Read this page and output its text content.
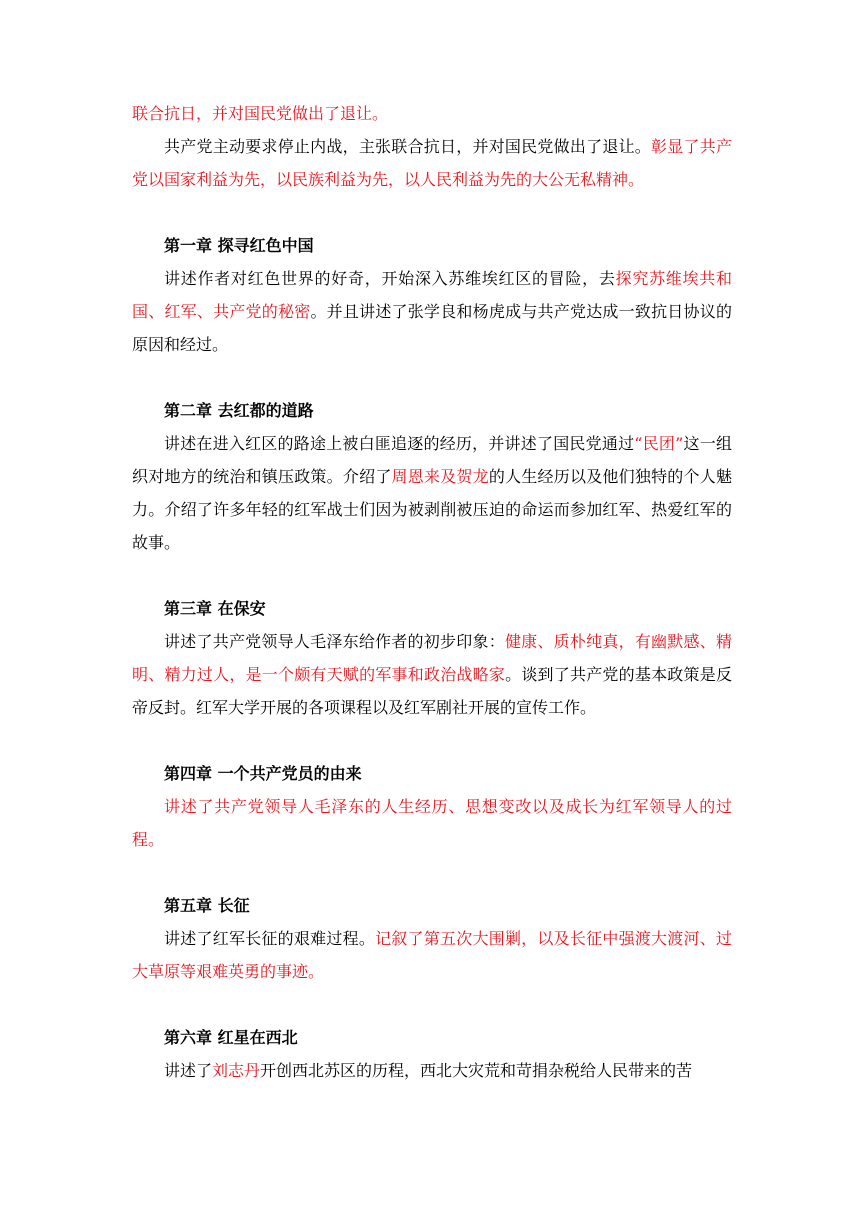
联合抗日，并对国民党做出了退让。

共产党主动要求停止内战，主张联合抗日，并对国民党做出了退让。彰显了共产党以国家利益为先，以民族利益为先，以人民利益为先的大公无私精神。

第一章 探寻红色中国

讲述作者对红色世界的好奇，开始深入苏维埃红区的冒险，去探究苏维埃共和国、红军、共产党的秘密。并且讲述了张学良和杨虎成与共产党达成一致抗日协议的原因和经过。

第二章 去红都的道路

讲述在进入红区的路途上被白匪追逐的经历，并讲述了国民党通过“民团”这一组织对地方的统治和镇压政策。介绍了周恩来及贺龙的人生经历以及他们独特的个人魅力。介绍了许多年轻的红军战士们因为被剥削被压迫的命运而参加红军、热爱红军的故事。

第三章 在保安

讲述了共产党领导人毛泽东给作者的初步印象：健康、质朴纯真，有幽默感、精明、精力过人，是一个颇有天赋的军事和政治战略家。谈到了共产党的基本政策是反帝反封。红军大学开展的各项课程以及红军剧社开展的宣传工作。

第四章 一个共产党员的由来

讲述了共产党领导人毛泽东的人生经历、思想变改以及成长为红军领导人的过程。

第五章 长征

讲述了红军长征的艰难过程。记叙了第五次大围剿，以及长征中强渡大渡河、过大草原等艰难英勇的事迹。

第六章 红星在西北

讲述了刘志丹开创西北苏区的历程，西北大灾荒和苛捐杂税给人民带来的苦
